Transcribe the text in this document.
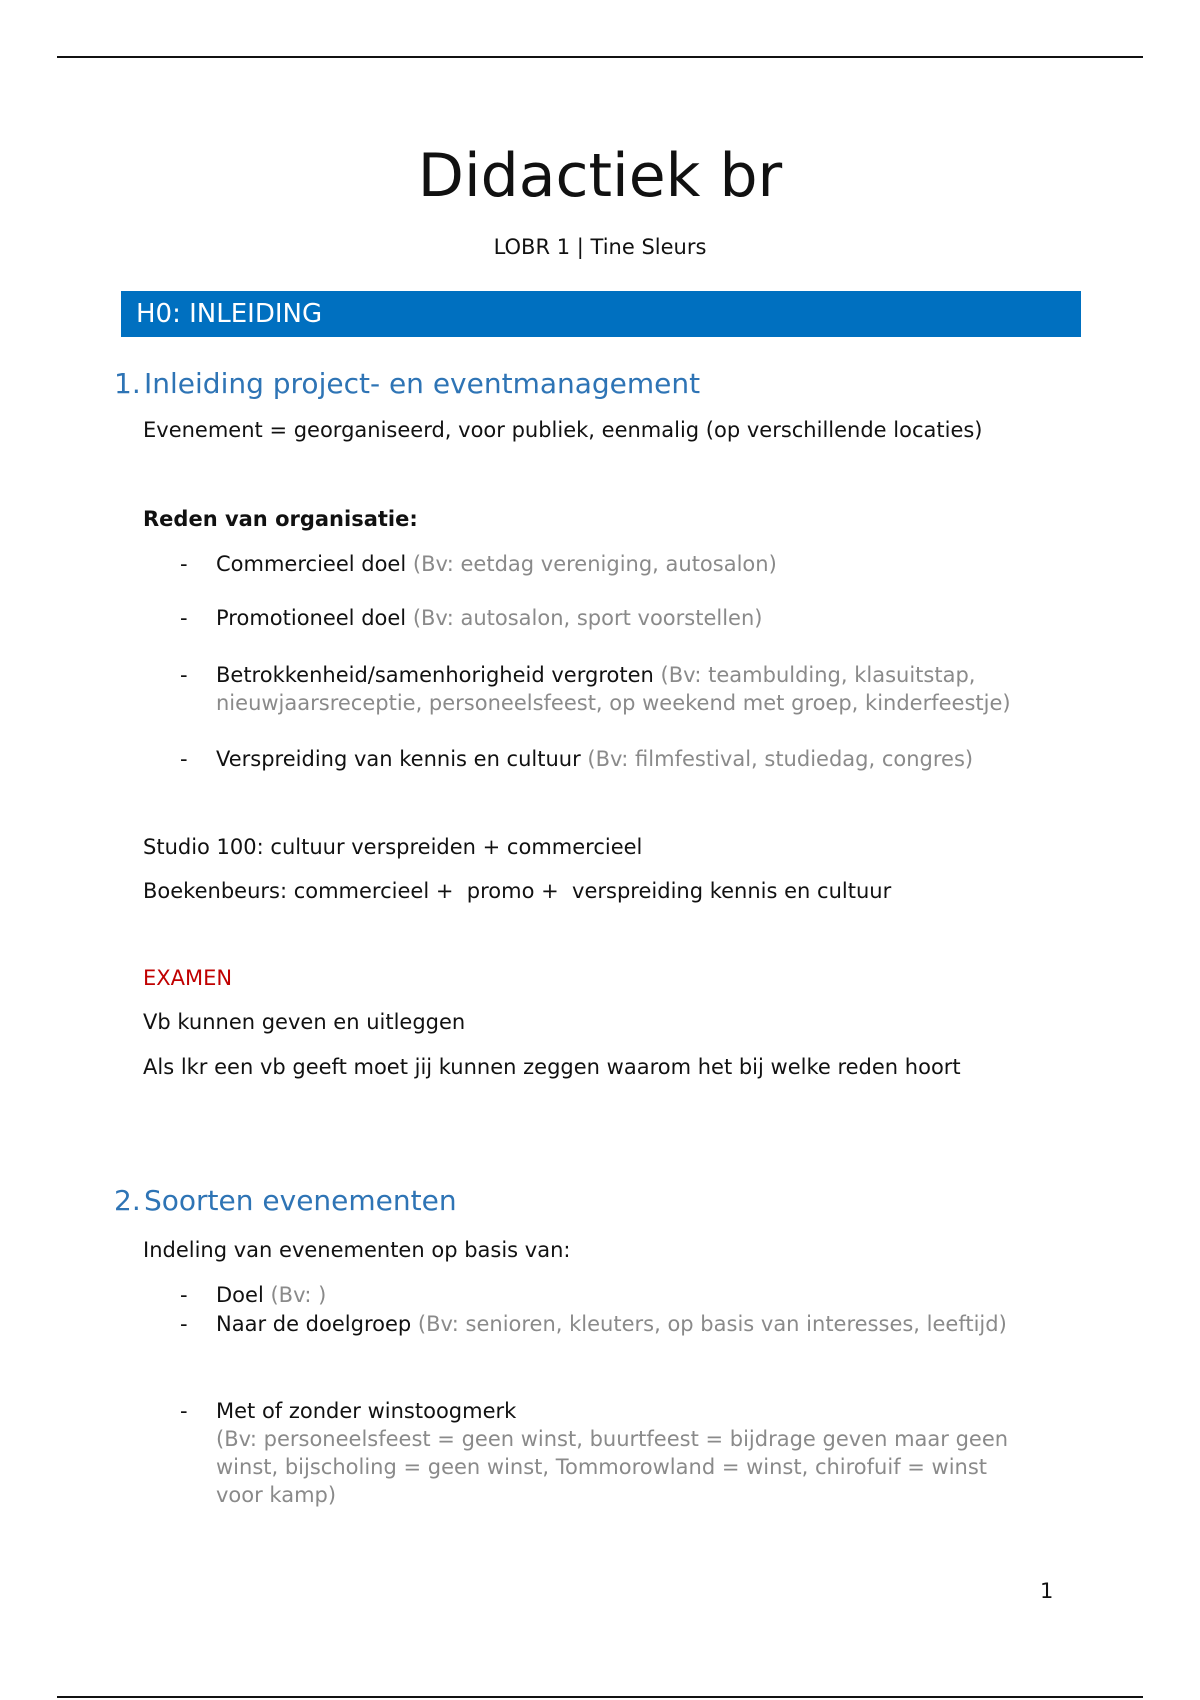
Didactiek br
LOBR 1 | Tine Sleurs
H0: INLEIDING
1. Inleiding project- en eventmanagement

Evenement = georganiseerd, voor publiek, eenmalig (op verschillende locaties)

Reden van organisatie:

-	Commercieel doel (Bv: eetdag vereniging, autosalon)
-	Promotioneel doel (Bv: autosalon, sport voorstellen)
-	Betrokkenheid/samenhorigheid vergroten (Bv: teambulding, klasuitstap,
nieuwjaarsreceptie, personeelsfeest, op weekend met groep, kinderfeestje)
-	Verspreiding van kennis en cultuur (Bv: filmfestival, studiedag, congres)

Studio 100: cultuur verspreiden + commercieel

Boekenbeurs: commercieel +  promo +  verspreiding kennis en cultuur

EXAMEN

Vb kunnen geven en uitleggen

Als lkr een vb geeft moet jij kunnen zeggen waarom het bij welke reden hoort

2. Soorten evenementen

Indeling van evenementen op basis van:

-	Doel (Bv: )
-	Naar de doelgroep (Bv: senioren, kleuters, op basis van interesses, leeftijd)
-	Met of zonder winstoogmerk
(Bv: personeelsfeest = geen winst, buurtfeest = bijdrage geven maar geen
winst, bijscholing = geen winst, Tommorowland = winst, chirofuif = winst
voor kamp)
1
